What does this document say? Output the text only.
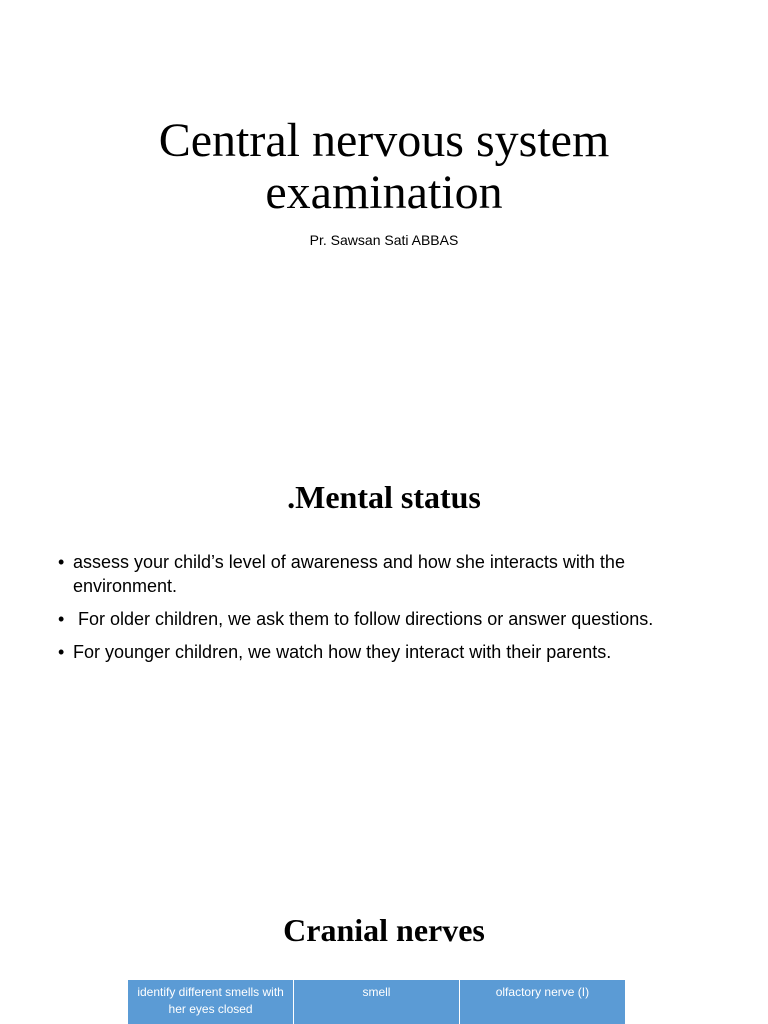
Central nervous system
examination
Pr. Sawsan Sati ABBAS
.Mental status
• assess your child’s level of awareness and how she interacts with the environment.
• For older children, we ask them to follow directions or answer questions.
• For younger children, we watch how they interact with their parents.
Cranial nerves
identify different smells with her eyes closed	smell	olfactory nerve (I)
